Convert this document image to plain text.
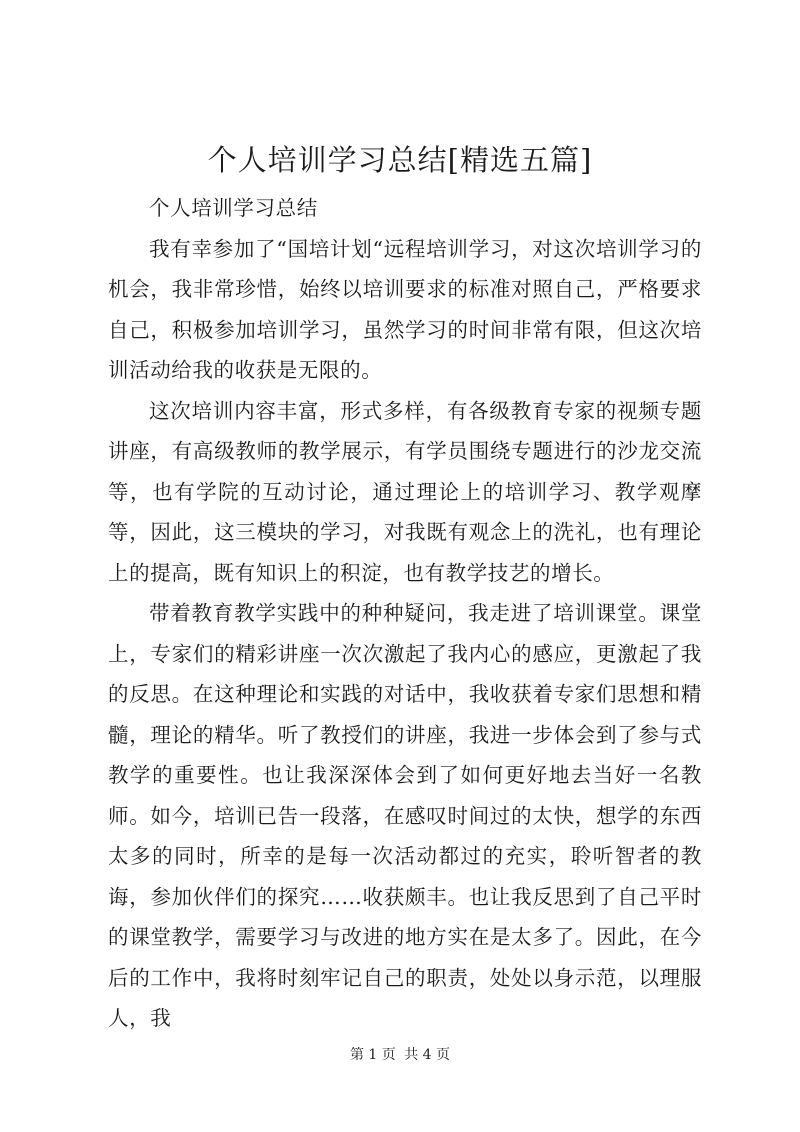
个人培训学习总结[精选五篇]

个人培训学习总结

我有幸参加了“国培计划“远程培训学习，对这次培训学习的机会，我非常珍惜，始终以培训要求的标准对照自己，严格要求自己，积极参加培训学习，虽然学习的时间非常有限，但这次培训活动给我的收获是无限的。

这次培训内容丰富，形式多样，有各级教育专家的视频专题讲座，有高级教师的教学展示，有学员围绕专题进行的沙龙交流等，也有学院的互动讨论，通过理论上的培训学习、教学观摩等，因此，这三模块的学习，对我既有观念上的洗礼，也有理论上的提高，既有知识上的积淀，也有教学技艺的增长。

带着教育教学实践中的种种疑问，我走进了培训课堂。课堂上，专家们的精彩讲座一次次激起了我内心的感应，更激起了我的反思。在这种理论和实践的对话中，我收获着专家们思想和精髓，理论的精华。听了教授们的讲座，我进一步体会到了参与式教学的重要性。也让我深深体会到了如何更好地去当好一名教师。如今，培训已告一段落，在感叹时间过的太快，想学的东西太多的同时，所幸的是每一次活动都过的充实，聆听智者的教诲，参加伙伴们的探究……收获颇丰。也让我反思到了自己平时的课堂教学，需要学习与改进的地方实在是太多了。因此，在今后的工作中，我将时刻牢记自己的职责，处处以身示范，以理服人，我

第 1 页 共 4 页
